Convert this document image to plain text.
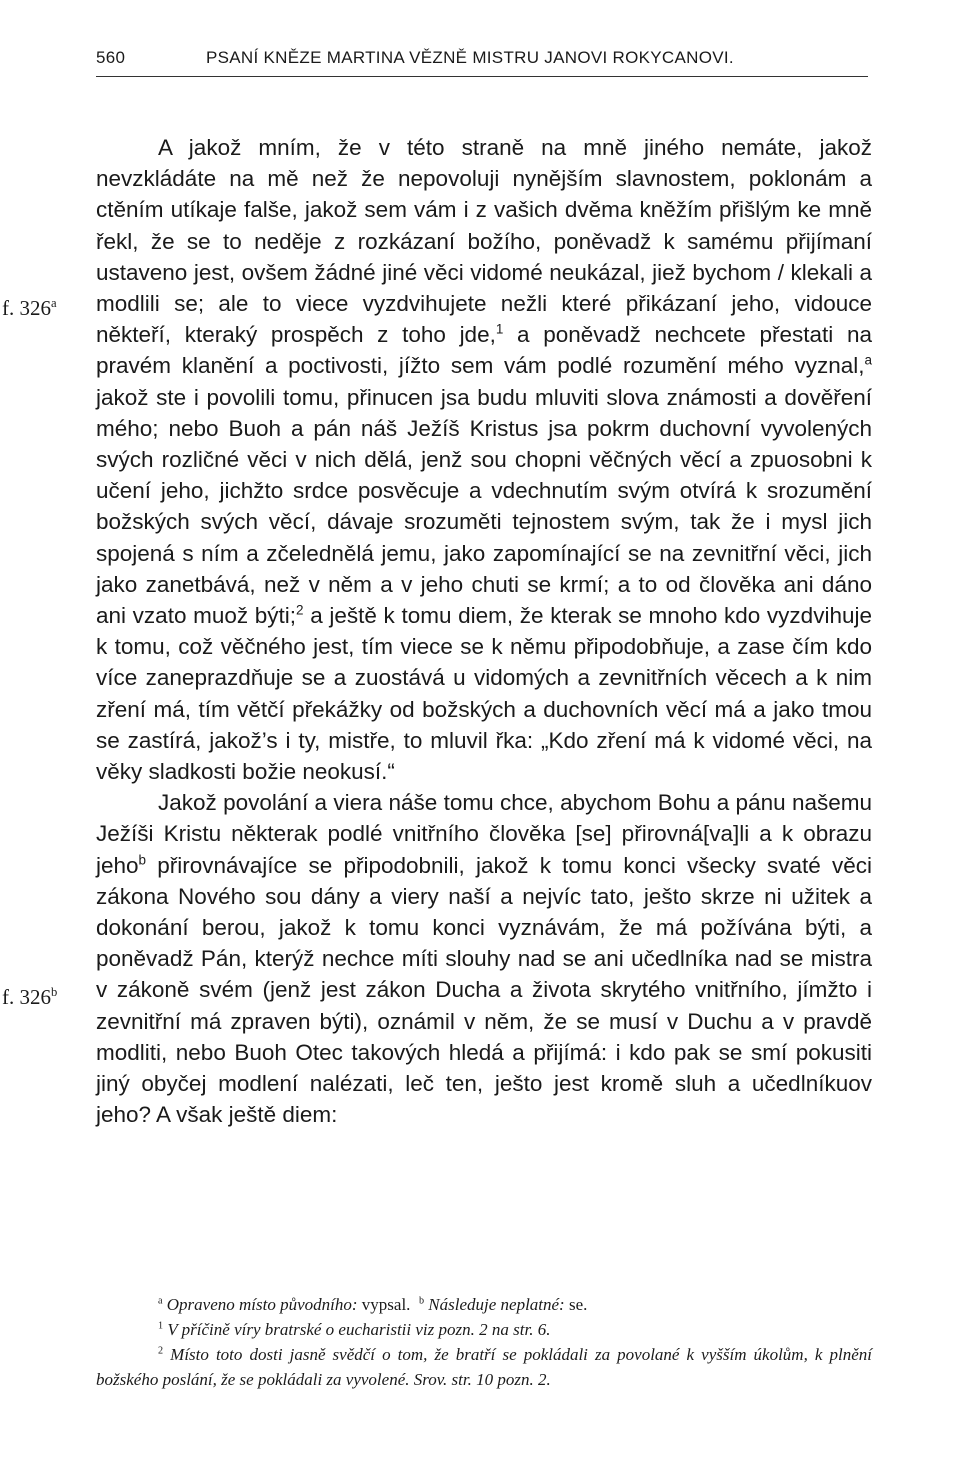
560	PSANÍ KNĚZE MARTINA VĚZNĚ MISTRU JANOVI ROKYCANOVI.
f. 326$^a$
f. 326$^b$

A jakož mním, že v této straně na mně jiného nemáte, jakož nevzkládáte na mě než že nepovoluji nynějším slavnostem, poklonám a ctěním utíkaje falše, jakož sem vám i z vašich dvěma kněžím přišlým ke mně řekl, že se to neděje z rozkázaní božího, poněvadž k samému přijímaní ustaveno jest, ovšem žádné jiné věci vidomé neukázal, jiež bychom / klekali a modlili se; ale to viece vyzdvihujete nežli které přikázaní jeho, vidouce někteří, kteraký prospěch z toho jde,$^1$ a poněvadž nechcete přestati na pravém klanění a poctivosti, jížto sem vám podlé rozumění mého vyznal,$^a$ jakož ste i povolili tomu, přinucen jsa budu mluviti slova známosti a dověření mého; nebo Buoh a pán náš Ježíš Kristus jsa pokrm duchovní vyvolených svých rozličné věci v nich dělá, jenž sou chopni věčných věcí a zpuosobni k učení jeho, jichžto srdce posvěcuje a vdechnutím svým otvírá k srozumění božských svých věcí, dávaje srozuměti tejnostem svým, tak že i mysl jich spojená s ním a zčelednělá jemu, jako zapomínající se na zevnitřní věci, jich jako zanetbává, než v něm a v jeho chuti se krmí; a to od člověka ani dáno ani vzato muož býti;$^2$ a ještě k tomu diem, že kterak se mnoho kdo vyzdvihuje k tomu, což věčného jest, tím viece se k němu připodobňuje, a zase čím kdo více zaneprazdňuje se a zuostává u vidomých a zevnitřních věcech a k nim zření má, tím větčí překážky od božských a duchovních věcí má a jako tmou se zastírá, jakož’s i ty, mistře, to mluvil řka: „Kdo zření má k vidomé věci, na věky sladkosti božie neokusí.“

Jakož povolání a viera náše tomu chce, abychom Bohu a pánu našemu Ježíši Kristu některak podlé vnitřního člověka [se] přirovná[va]li a k obrazu jeho$^b$ přirovnávajíce se připodobnili, jakož k tomu konci všecky svaté věci zákona Nového sou dány a viery naší a nejvíc tato, ješto skrze ni užitek a dokonání berou, jakož k tomu konci vyznávám, že má požívána býti, a poněvadž Pán, kterýž nechce míti slouhy nad se ani učedlníka nad se mistra v zákoně svém (jenž jest zákon Ducha a života skrytého vnitřního, jímžto i zevnitřní má zpraven býti), oznámil v něm, že se musí v Duchu a v pravdě modliti, nebo Buoh Otec takových hledá a přijímá: i kdo pak se smí pokusiti jiný obyčej modlení nalézati, leč ten, ješto jest kromě sluh a učedlníkuov jeho? A však ještě diem:

$^a$ Opraveno místo původního: vypsal. $^b$ Následuje neplatné: se.
$^1$ V příčině víry bratrské o eucharistii viz pozn. 2 na str. 6.
$^2$ Místo toto dosti jasně svědčí o tom, že bratří se pokládali za povolané k vyšším úkolům, k plnění božského poslání, že se pokládali za vyvolené. Srov. str. 10 pozn. 2.
